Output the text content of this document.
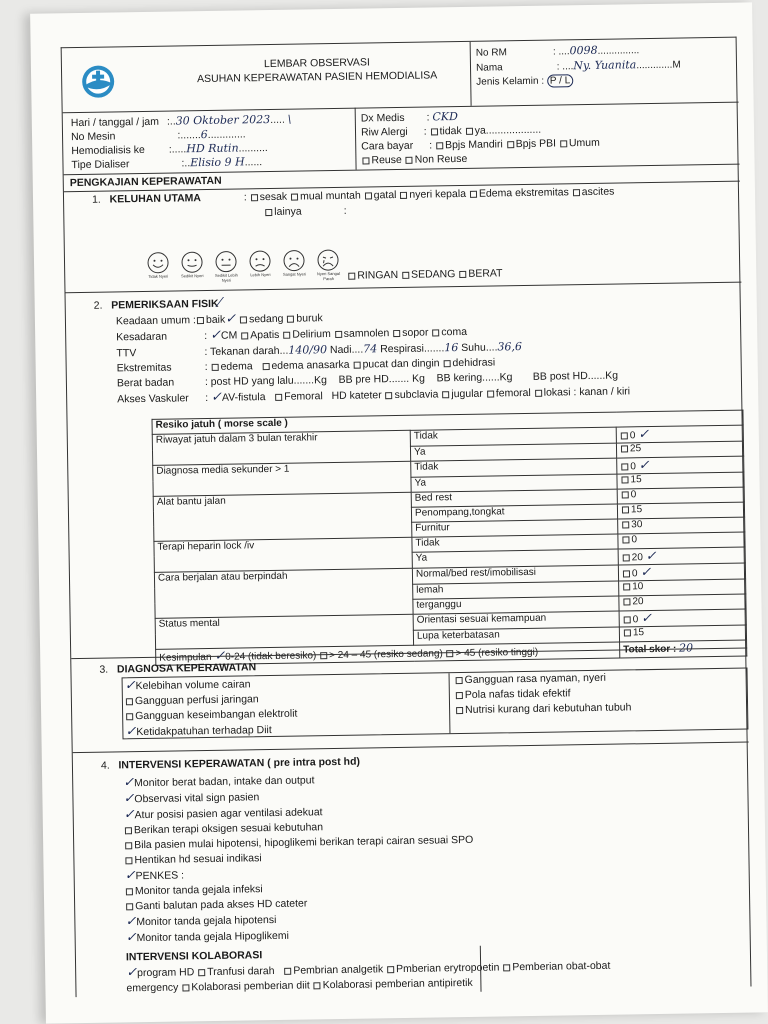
LEMBAR OBSERVASI
ASUHAN KEPERAWATAN PASIEN HEMODIALISA
No RM	: ....0098...............
Nama	: ....Ny. Yuanita.............M
Jenis Kelamin : P / L
Hari / tanggal / jam :..30 Oktober 2023..... \
No Mesin	:.......6.............
Hemodialisis ke :.....HD Rutin..........
Tipe Dialiser	:..Elisio 9 H......
Dx Medis : CKD
Riw Alergi : tidak ya...................
Cara bayar : Bpjs Mandiri Bpjs PBI Umum
Reuse Non Reuse
PENGKAJIAN KEPERAWATAN
1. KELUHAN UTAMA	: sesak mual muntah gatal nyeri kepala Edema ekstremitas ascites
lainya	:
Tidak Nyeri
	Sedikit Nyeri
	Sedikit Lebih Nyeri

Lebih Nyeri
	Sangat Nyeri
	Nyeri Sangat Parah	RINGAN SEDANG BERAT
2. PEMERIKSAAN FISIK⁄
Keadaan umum : baik✓ sedang buruk
Kesadaran	: ✓CM Apatis Delirium samnolen sopor coma
TTV	: Tekanan darah...140/90 Nadi....74 Respirasi.......16 Suhu....36,6
Ekstremitas	: edema edema anasarka pucat dan dingin dehidrasi
Berat badan	: post HD yang lalu.......Kg BB pre HD....... Kg BB kering......Kg BB post HD......Kg
Akses Vaskuler : ✓AV-fistula Femoral HD kateter subclavia jugular femoral lokasi : kanan / kiri
Resiko jatuh ( morse scale )		
Riwayat jatuh dalam 3 bulan terakhir	Tidak	0 ✓
	Ya	25
Diagnosa media sekunder > 1	Tidak	0 ✓
	Ya	15
Alat bantu jalan	Bed rest	0
	Penompang,tongkat	15
	Furnitur	30
Terapi heparin lock /iv	Tidak	0
	Ya	20 ✓
Cara berjalan atau berpindah	Normal/bed rest/imobilisasi	0 ✓
	lemah	10
	terganggu	20
Status mental	Orientasi sesuai kemampuan	0 ✓
	Lupa keterbatasan	15
Kesimpulan ✓0-24 (tidak beresiko) > 24 – 45 (resiko sedang) > 45 (resiko tinggi)		Total skor : 20
3. DIAGNOSA KEPERAWATAN
✓Kelebihan volume cairan
Gangguan perfusi jaringan
Gangguan keseimbangan elektrolit
✓Ketidakpatuhan terhadap Diit
Gangguan rasa nyaman, nyeri
Pola nafas tidak efektif
Nutrisi kurang dari kebutuhan tubuh
4. INTERVENSI KEPERAWATAN ( pre intra post hd)
✓Monitor berat badan, intake dan output
✓Observasi vital sign pasien
✓Atur posisi pasien agar ventilasi adekuat
Berikan terapi oksigen sesuai kebutuhan
Bila pasien mulai hipotensi, hipoglikemi berikan terapi cairan sesuai SPO
Hentikan hd sesuai indikasi
✓PENKES :
Monitor tanda gejala infeksi
Ganti balutan pada akses HD cateter
✓Monitor tanda gejala hipotensi
✓Monitor tanda gejala Hipoglikemi
INTERVENSI KOLABORASI
✓program HD Tranfusi darah Pembrian analgetik Pmberian erytropoetin Pemberian obat-obat
emergency Kolaborasi pemberian diit Kolaborasi pemberian antipiretik
